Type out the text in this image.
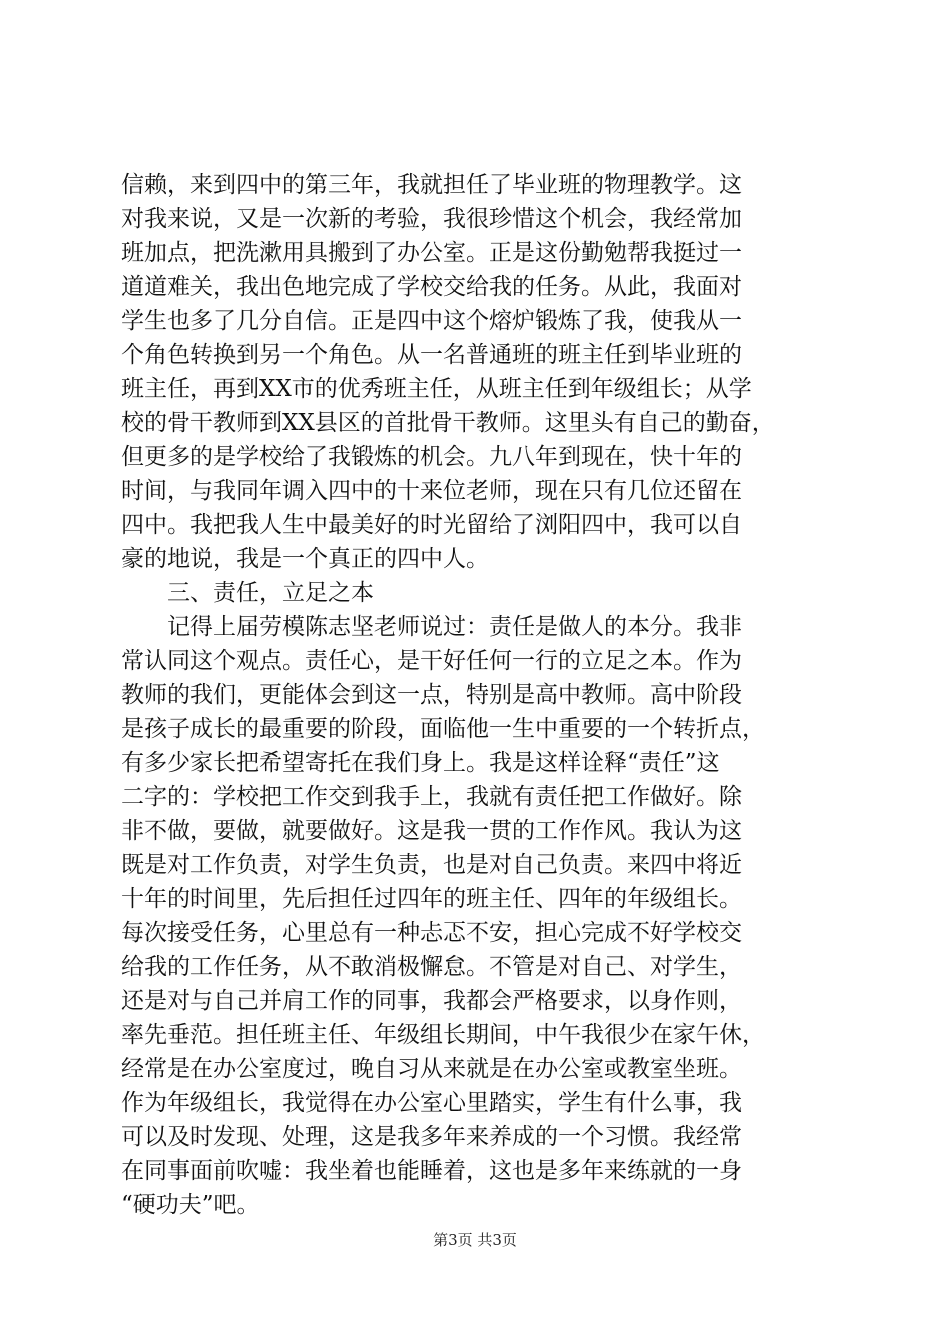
信赖，来到四中的第三年，我就担任了毕业班的物理教学。这
对我来说，又是一次新的考验，我很珍惜这个机会，我经常加
班加点，把洗漱用具搬到了办公室。正是这份勤勉帮我挺过一
道道难关，我出色地完成了学校交给我的任务。从此，我面对
学生也多了几分自信。正是四中这个熔炉锻炼了我，使我从一
个角色转换到另一个角色。从一名普通班的班主任到毕业班的
班主任，再到XX市的优秀班主任，从班主任到年级组长；从学
校的骨干教师到XX县区的首批骨干教师。这里头有自己的勤奋，
但更多的是学校给了我锻炼的机会。九八年到现在，快十年的
时间，与我同年调入四中的十来位老师，现在只有几位还留在
四中。我把我人生中最美好的时光留给了浏阳四中，我可以自
豪的地说，我是一个真正的四中人。
　　三、责任，立足之本
　　记得上届劳模陈志坚老师说过：责任是做人的本分。我非
常认同这个观点。责任心，是干好任何一行的立足之本。作为
教师的我们，更能体会到这一点，特别是高中教师。高中阶段
是孩子成长的最重要的阶段，面临他一生中重要的一个转折点，
有多少家长把希望寄托在我们身上。我是这样诠释“责任”这
二字的：学校把工作交到我手上，我就有责任把工作做好。除
非不做，要做，就要做好。这是我一贯的工作作风。我认为这
既是对工作负责，对学生负责，也是对自己负责。来四中将近
十年的时间里，先后担任过四年的班主任、四年的年级组长。
每次接受任务，心里总有一种忐忑不安，担心完成不好学校交
给我的工作任务，从不敢消极懈怠。不管是对自己、对学生，
还是对与自己并肩工作的同事，我都会严格要求，以身作则，
率先垂范。担任班主任、年级组长期间，中午我很少在家午休，
经常是在办公室度过，晚自习从来就是在办公室或教室坐班。
作为年级组长，我觉得在办公室心里踏实，学生有什么事，我
可以及时发现、处理，这是我多年来养成的一个习惯。我经常
在同事面前吹嘘：我坐着也能睡着，这也是多年来练就的一身
“硬功夫”吧。
第3页 共3页
